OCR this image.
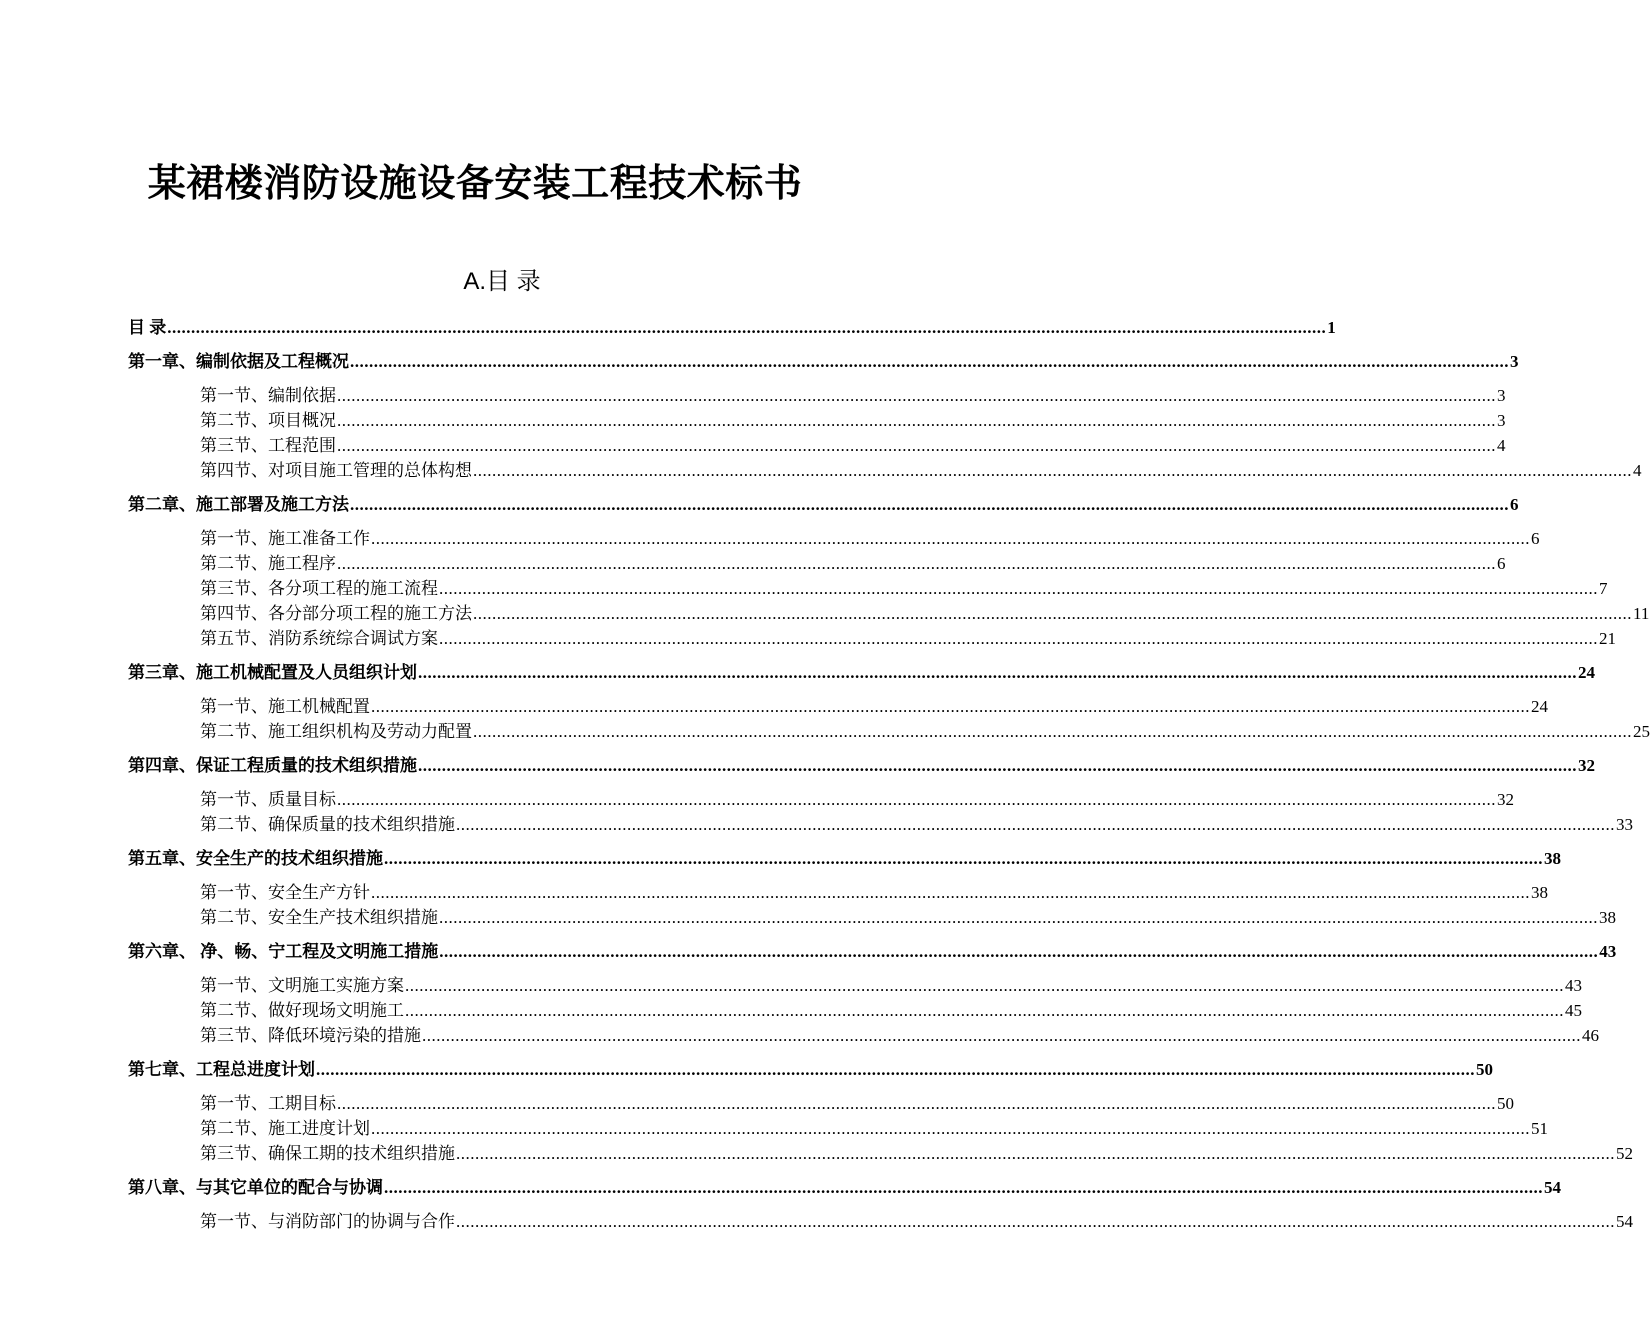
某裙楼消防设施设备安装工程技术标书
A.目 录
目 录 .................................................................................................................................................................................................................................................... 1
第一章、编制依据及工程概况 .................................................................................................................................................................................................................................................... 3
第一节、编制依据 .................................................................................................................................................................................................................................................... 3
第二节、项目概况 .................................................................................................................................................................................................................................................... 3
第三节、工程范围 .................................................................................................................................................................................................................................................... 4
第四节、对项目施工管理的总体构想 .................................................................................................................................................................................................................................................... 4
第二章、施工部署及施工方法 .................................................................................................................................................................................................................................................... 6
第一节、施工准备工作 .................................................................................................................................................................................................................................................... 6
第二节、施工程序 .................................................................................................................................................................................................................................................... 6
第三节、各分项工程的施工流程 .................................................................................................................................................................................................................................................... 7
第四节、各分部分项工程的施工方法 .................................................................................................................................................................................................................................................... 11
第五节、消防系统综合调试方案 .................................................................................................................................................................................................................................................... 21
第三章、施工机械配置及人员组织计划 .................................................................................................................................................................................................................................................... 24
第一节、施工机械配置 .................................................................................................................................................................................................................................................... 24
第二节、施工组织机构及劳动力配置 .................................................................................................................................................................................................................................................... 25
第四章、保证工程质量的技术组织措施 .................................................................................................................................................................................................................................................... 32
第一节、质量目标 .................................................................................................................................................................................................................................................... 32
第二节、确保质量的技术组织措施 .................................................................................................................................................................................................................................................... 33
第五章、安全生产的技术组织措施 .................................................................................................................................................................................................................................................... 38
第一节、安全生产方针 .................................................................................................................................................................................................................................................... 38
第二节、安全生产技术组织措施 .................................................................................................................................................................................................................................................... 38
第六章、 净、畅、宁工程及文明施工措施 .................................................................................................................................................................................................................................................... 43
第一节、文明施工实施方案 .................................................................................................................................................................................................................................................... 43
第二节、做好现场文明施工 .................................................................................................................................................................................................................................................... 45
第三节、降低环境污染的措施 .................................................................................................................................................................................................................................................... 46
第七章、工程总进度计划 .................................................................................................................................................................................................................................................... 50
第一节、工期目标 .................................................................................................................................................................................................................................................... 50
第二节、施工进度计划 .................................................................................................................................................................................................................................................... 51
第三节、确保工期的技术组织措施 .................................................................................................................................................................................................................................................... 52
第八章、与其它单位的配合与协调 .................................................................................................................................................................................................................................................... 54
第一节、与消防部门的协调与合作 .................................................................................................................................................................................................................................................... 54
